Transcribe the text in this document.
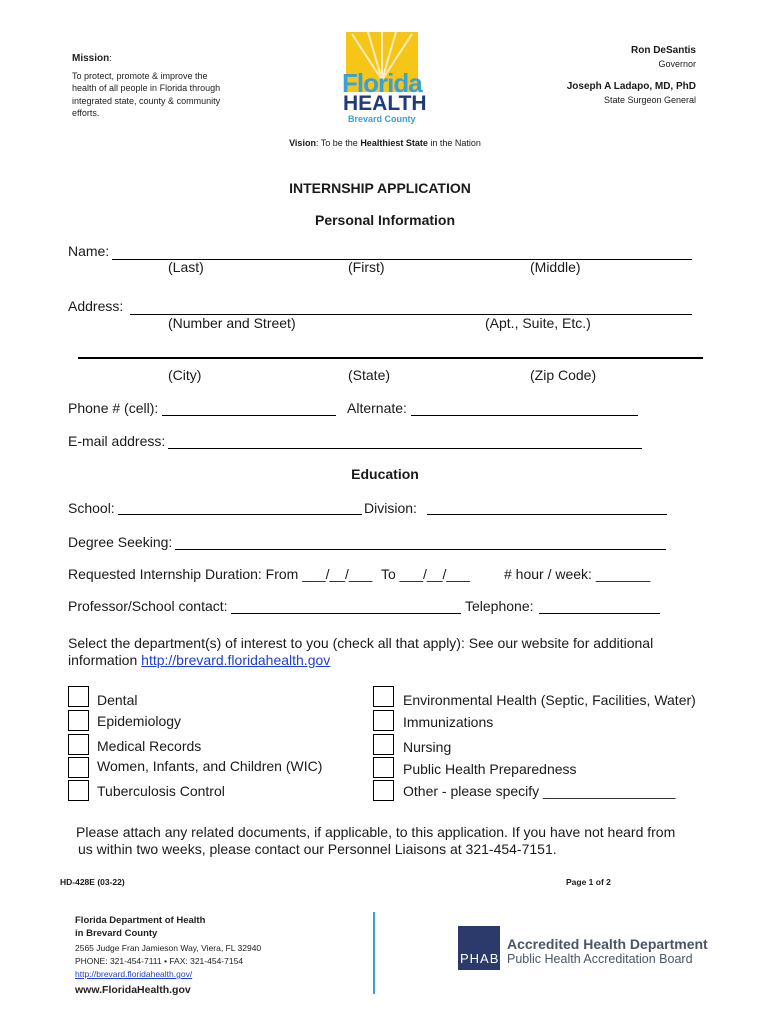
Mission:
To protect, promote & improve the health of all people in Florida through integrated state, county & community efforts.
Florida
HEALTH
Brevard County
Ron DeSantis
Governor
Joseph A Ladapo, MD, PhD
State Surgeon General
Vision: To be the Healthiest State in the Nation
INTERNSHIP APPLICATION
Personal Information
Name:
(Last)	(First)	(Middle)
Address:
(Number and Street)	(Apt., Suite, Etc.)
(City)	(State)	(Zip Code)
Phone # (cell):	Alternate:
E-mail address:
Education
School:	Division:
Degree Seeking:
Requested Internship Duration: From ___/__/___ To ___/__/___ # hour / week: _______
Professor/School contact:	Telephone:
Select the department(s) of interest to you (check all that apply): See our website for additional information http://brevard.floridahealth.gov
Dental
Epidemiology
Medical Records
Women, Infants, and Children (WIC)
Tuberculosis Control
Environmental Health (Septic, Facilities, Water)
Immunizations
Nursing
Public Health Preparedness
Other - please specify _________________
Please attach any related documents, if applicable, to this application. If you have not heard from
us within two weeks, please contact our Personnel Liaisons at 321-454-7151.
HD-428E (03-22)	Page 1 of 2
Florida Department of Health
in Brevard County
2565 Judge Fran Jamieson Way, Viera, FL 32940
PHONE: 321-454-7111 • FAX: 321-454-7154
http://brevard.floridahealth.gov/
www.FloridaHealth.gov
PHAB
Accredited Health Department
Public Health Accreditation Board
